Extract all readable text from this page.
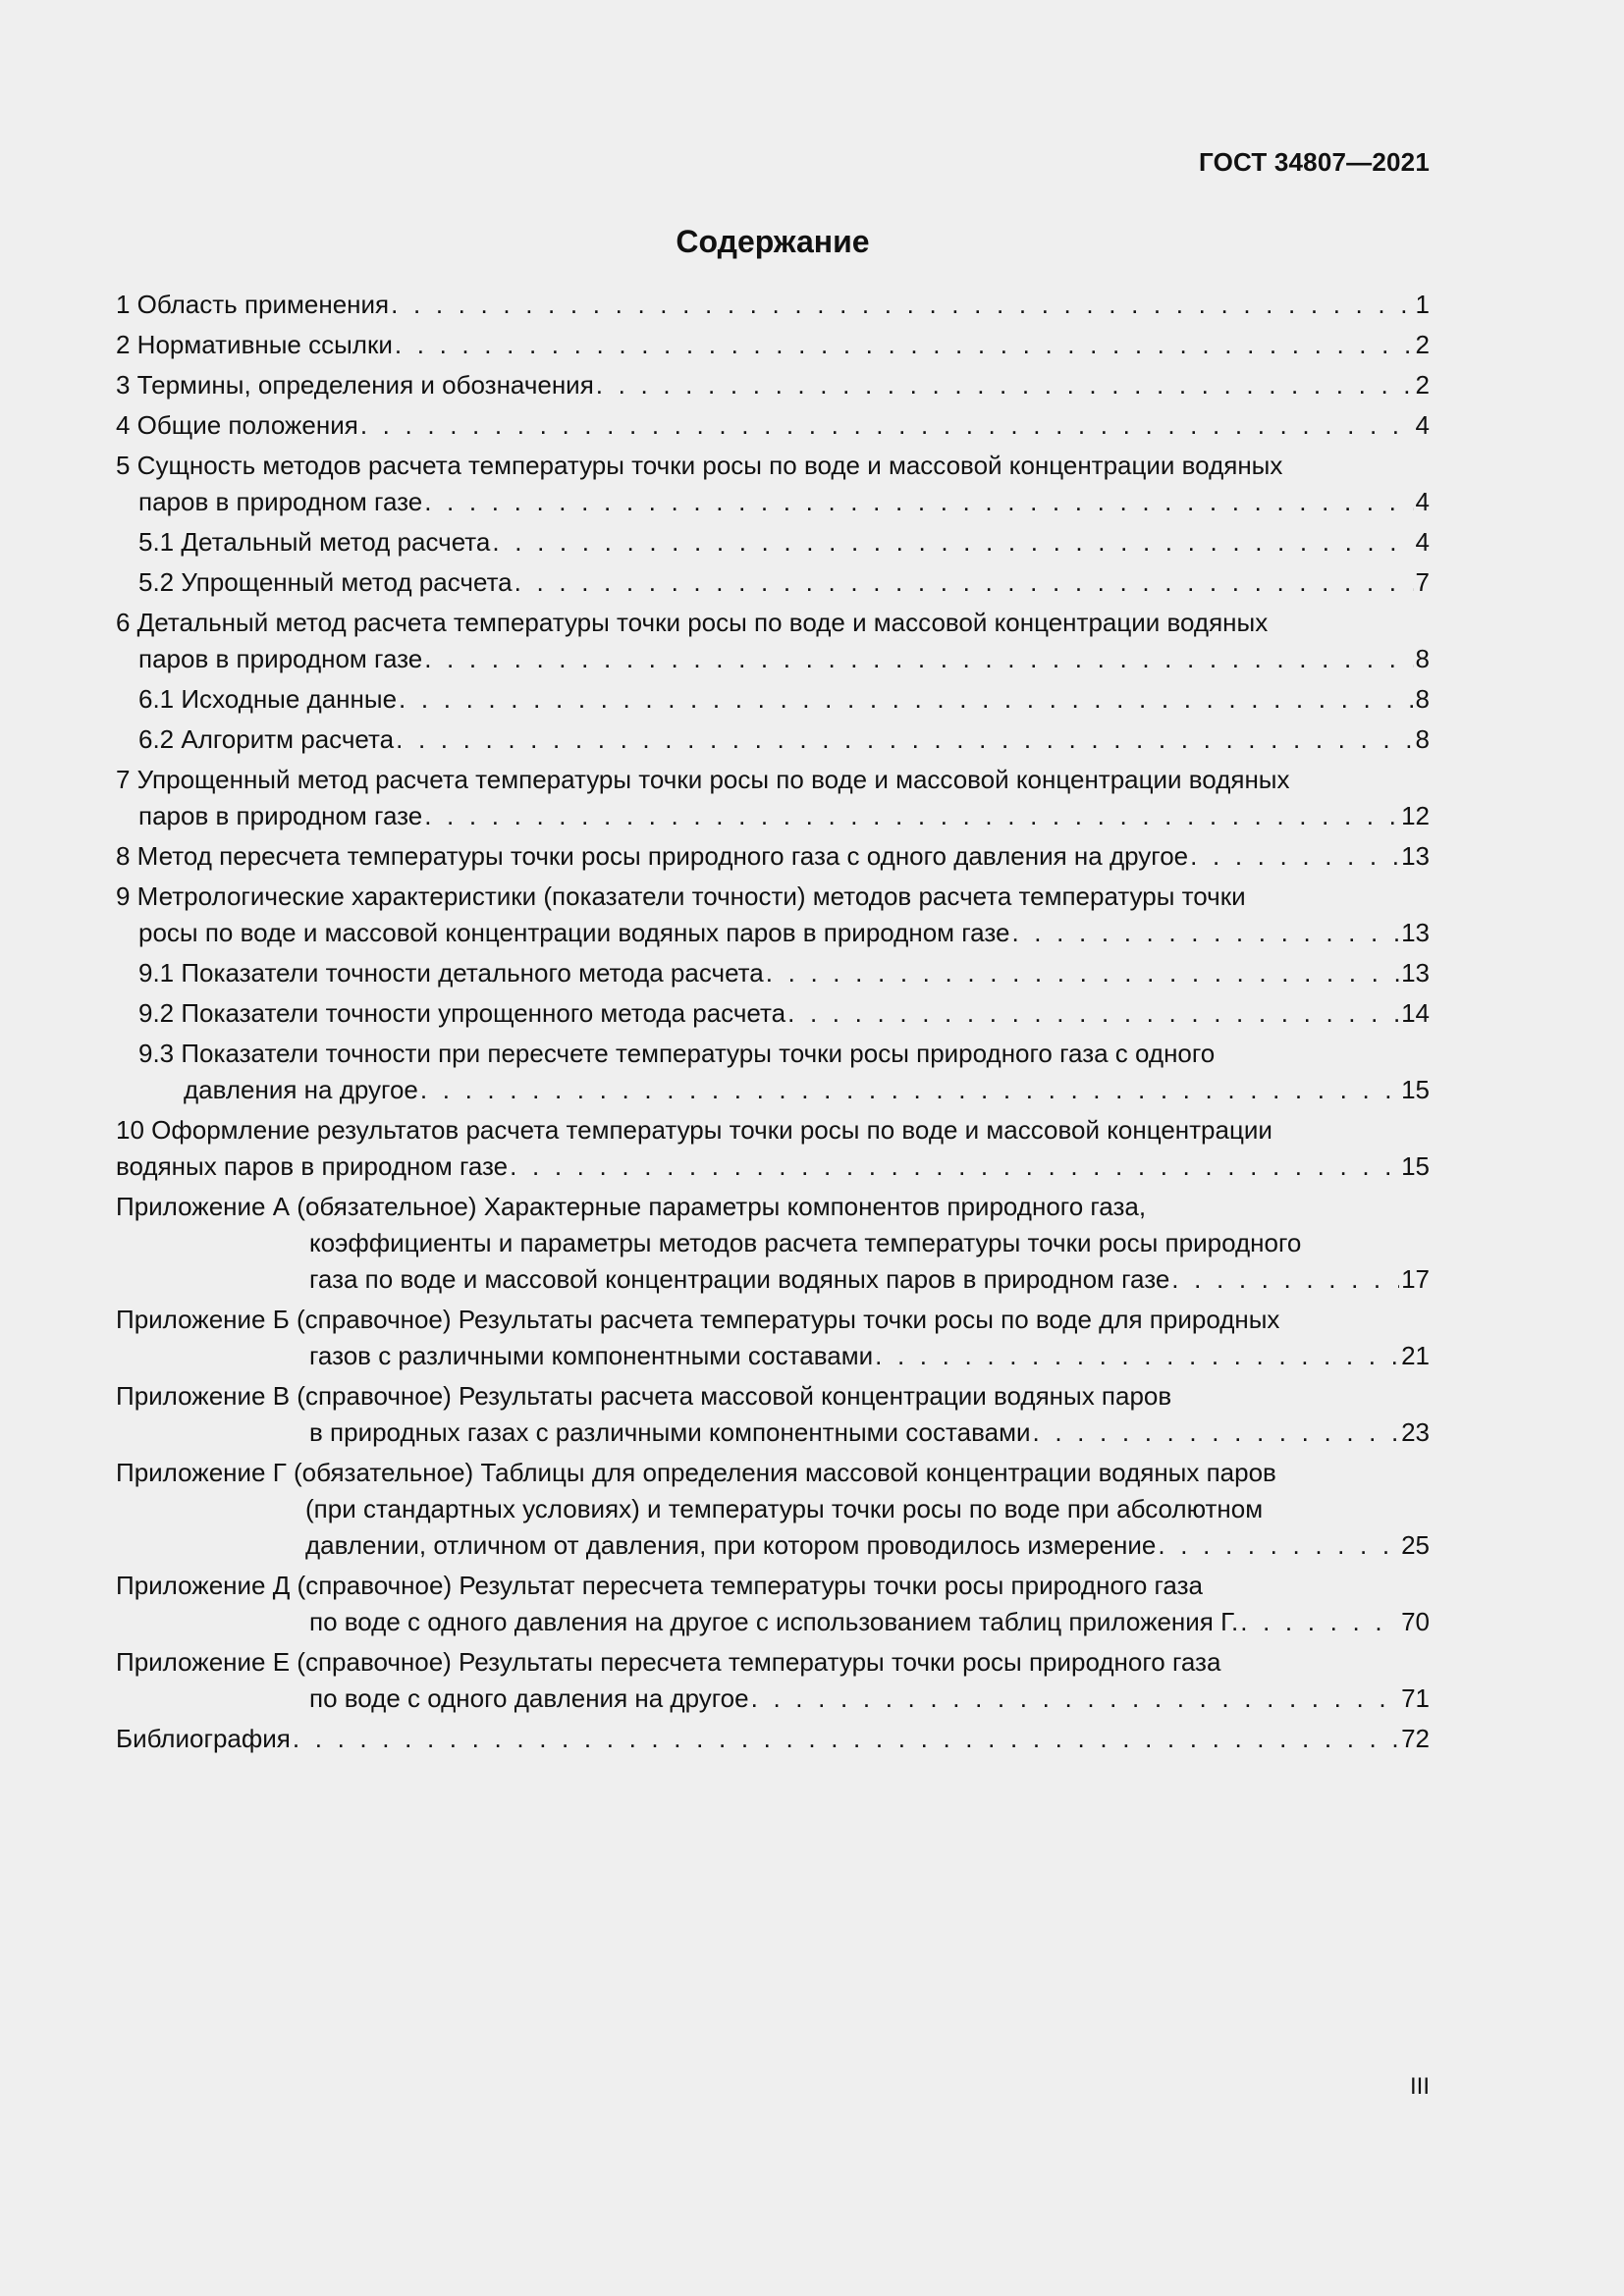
ГОСТ 34807—2021
Содержание
1 Область применения . . .	1
2 Нормативные ссылки . . .	2
3 Термины, определения и обозначения . . .	2
4 Общие положения . . .	4
5 Сущность методов расчета температуры точки росы по воде и массовой концентрации водяных
паров в природном газе . . .	4
5.1 Детальный метод расчета . . .	4
5.2 Упрощенный метод расчета . . .	7
6 Детальный метод расчета температуры точки росы по воде и массовой концентрации водяных
паров в природном газе . . .	8
6.1 Исходные данные . . .	8
6.2 Алгоритм расчета . . .	8
7 Упрощенный метод расчета температуры точки росы по воде и массовой концентрации водяных
паров в природном газе . . .	12
8 Метод пересчета температуры точки росы природного газа с одного давления на другое . . .	13
9 Метрологические характеристики (показатели точности) методов расчета температуры точки
росы по воде и массовой концентрации водяных паров в природном газе . . .	13
9.1 Показатели точности детального метода расчета . . .	13
9.2 Показатели точности упрощенного метода расчета . . .	14
9.3 Показатели точности при пересчете температуры точки росы природного газа с одного
давления на другое . . .	15
10 Оформление результатов расчета температуры точки росы по воде и массовой концентрации
водяных паров в природном газе . . .	15
Приложение А (обязательное) Характерные параметры компонентов природного газа,
коэффициенты и параметры методов расчета температуры точки росы природного
газа по воде и массовой концентрации водяных паров в природном газе . . .	17
Приложение Б (справочное) Результаты расчета температуры точки росы по воде для природных
газов с различными компонентными составами . . .	21
Приложение В (справочное) Результаты расчета массовой концентрации водяных паров
в природных газах с различными компонентными составами . . .	23
Приложение Г (обязательное) Таблицы для определения массовой концентрации водяных паров
(при стандартных условиях) и температуры точки росы по воде при абсолютном
давлении, отличном от давления, при котором проводилось измерение . . .	25
Приложение Д (справочное) Результат пересчета температуры точки росы природного газа
по воде с одного давления на другое с использованием таблиц приложения Г. . . .	70
Приложение Е (справочное) Результаты пересчета температуры точки росы природного газа
по воде с одного давления на другое . . .	71
Библиография . . .	72
III
